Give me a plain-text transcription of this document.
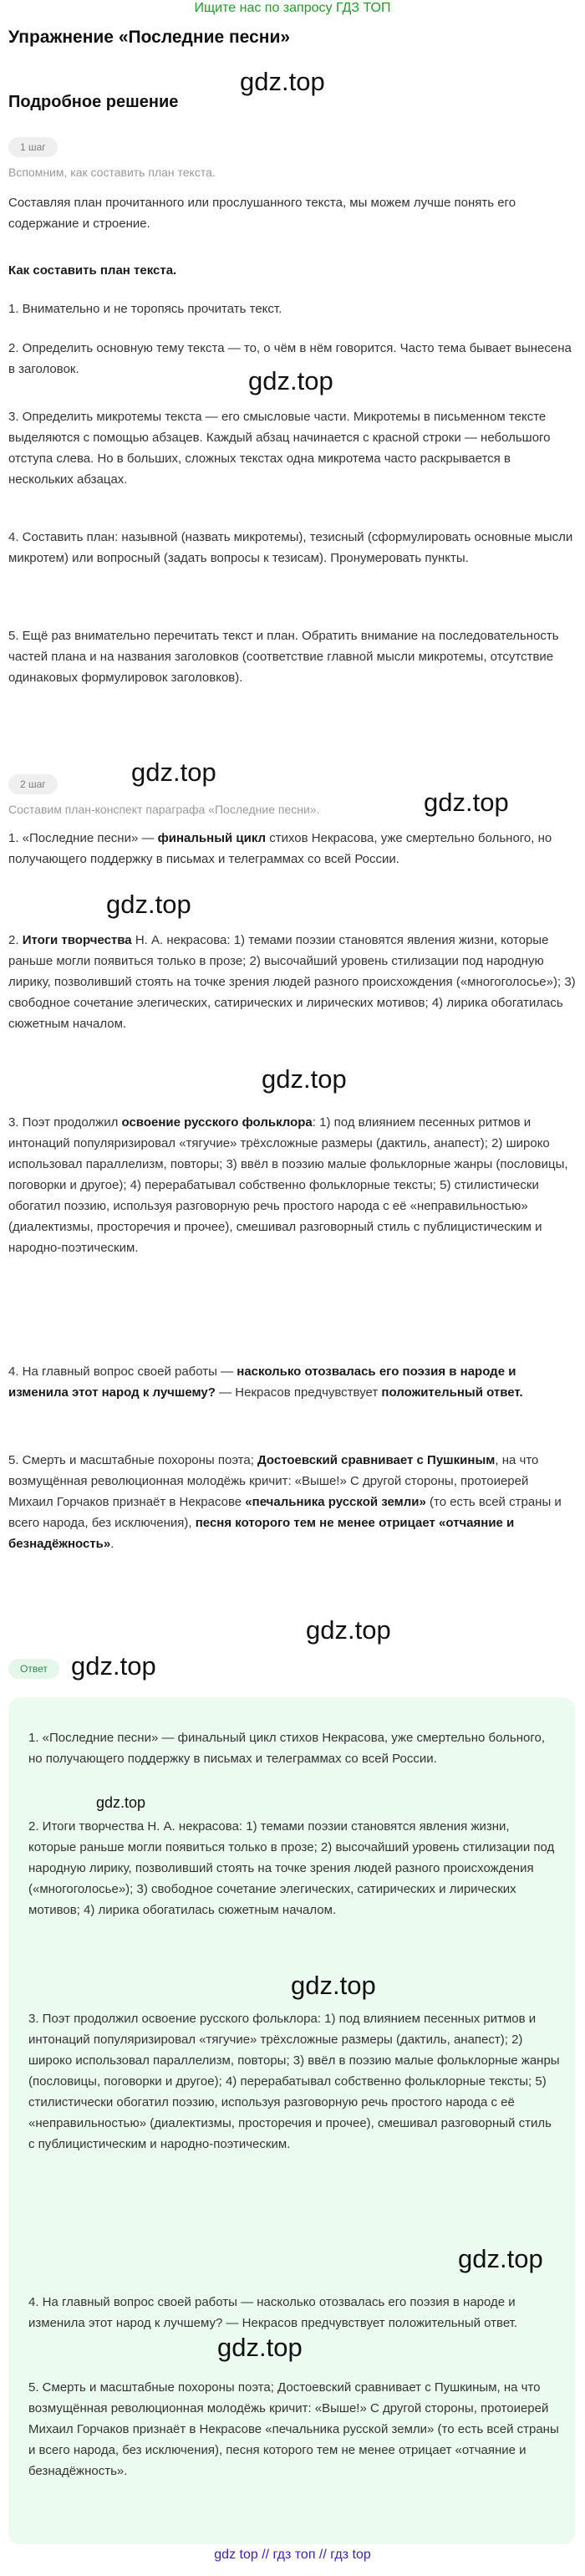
Ищите нас по запросу ГДЗ ТОП
Упражнение «Последние песни»
gdz.top
Подробное решение
1 шаг
Вспомним, как составить план текста.

Составляя план прочитанного или прослушанного текста, мы можем лучше понять его содержание и строение.

Как составить план текста.

1. Внимательно и не торопясь прочитать текст.

2. Определить основную тему текста — то, о чём в нём говорится. Часто тема бывает вынесена в заголовок.	gdz.top

3. Определить микротемы текста — его смысловые части. Микротемы в письменном тексте выделяются с помощью абзацев. Каждый абзац начинается с красной строки — небольшого отступа слева. Но в больших, сложных текстах одна микротема часто раскрывается в нескольких абзацах.

4. Составить план: назывной (назвать микротемы), тезисный (сформулировать основные мысли микротем) или вопросный (задать вопросы к тезисам). Пронумеровать пункты.

5. Ещё раз внимательно перечитать текст и план. Обратить внимание на последовательность частей плана и на названия заголовков (соответствие главной мысли микротемы, отсутствие одинаковых формулировок заголовков).

gdz.top
2 шаг
gdz.top
Составим план-конспект параграфа «Последние песни».

1. «Последние песни» — финальный цикл стихов Некрасова, уже смертельно больного, но получающего поддержку в письмах и телеграммах со всей России.

gdz.top

2. Итоги творчества Н. А. некрасова: 1) темами поэзии становятся явления жизни, которые раньше могли появиться только в прозе; 2) высочайший уровень стилизации под народную лирику, позволивший стоять на точке зрения людей разного происхождения («многоголосье»); 3) свободное сочетание элегических, сатирических и лирических мотивов; 4) лирика обогатилась сюжетным началом.

gdz.top

3. Поэт продолжил освоение русского фольклора: 1) под влиянием песенных ритмов и интонаций популяризировал «тягучие» трёхсложные размеры (дактиль, анапест); 2) широко использовал параллелизм, повторы; 3) ввёл в поэзию малые фольклорные жанры (пословицы, поговорки и другое); 4) перерабатывал собственно фольклорные тексты; 5) стилистически обогатил поэзию, используя разговорную речь простого народа с её «неправильностью» (диалектизмы, просторечия и прочее), смешивал разговорный стиль с публицистическим и народно-поэтическим.

4. На главный вопрос своей работы — насколько отозвалась его поэзия в народе и изменила этот народ к лучшему? — Некрасов предчувствует положительный ответ.

5. Смерть и масштабные похороны поэта; Достоевский сравнивает с Пушкиным, на что возмущённая революционная молодёжь кричит: «Выше!» С другой стороны, протоиерей Михаил Горчаков признаёт в Некрасове «печальника русской земли» (то есть всей страны и всего народа, без исключения), песня которого тем не менее отрицает «отчаяние и безнадёжность».

gdz.top
Ответ gdz.top

1. «Последние песни» — финальный цикл стихов Некрасова, уже смертельно больного, но получающего поддержку в письмах и телеграммах со всей России.

gdz.top

2. Итоги творчества Н. А. некрасова: 1) темами поэзии становятся явления жизни, которые раньше могли появиться только в прозе; 2) высочайший уровень стилизации под народную лирику, позволивший стоять на точке зрения людей разного происхождения («многоголосье»); 3) свободное сочетание элегических, сатирических и лирических мотивов; 4) лирика обогатилась сюжетным началом.

gdz.top

3. Поэт продолжил освоение русского фольклора: 1) под влиянием песенных ритмов и интонаций популяризировал «тягучие» трёхсложные размеры (дактиль, анапест); 2) широко использовал параллелизм, повторы; 3) ввёл в поэзию малые фольклорные жанры (пословицы, поговорки и другое); 4) перерабатывал собственно фольклорные тексты; 5) стилистически обогатил поэзию, используя разговорную речь простого народа с её «неправильностью» (диалектизмы, просторечия и прочее), смешивал разговорный стиль с публицистическим и народно-поэтическим.

gdz.top

4. На главный вопрос своей работы — насколько отозвалась его поэзия в народе и изменила этот народ к лучшему? — Некрасов предчувствует положительный ответ.

gdz.top

5. Смерть и масштабные похороны поэта; Достоевский сравнивает с Пушкиным, на что возмущённая революционная молодёжь кричит: «Выше!» С другой стороны, протоиерей Михаил Горчаков признаёт в Некрасове «печальника русской земли» (то есть всей страны и всего народа, без исключения), песня которого тем не менее отрицает «отчаяние и безнадёжность».

gdz top // гдз топ // гдз top
